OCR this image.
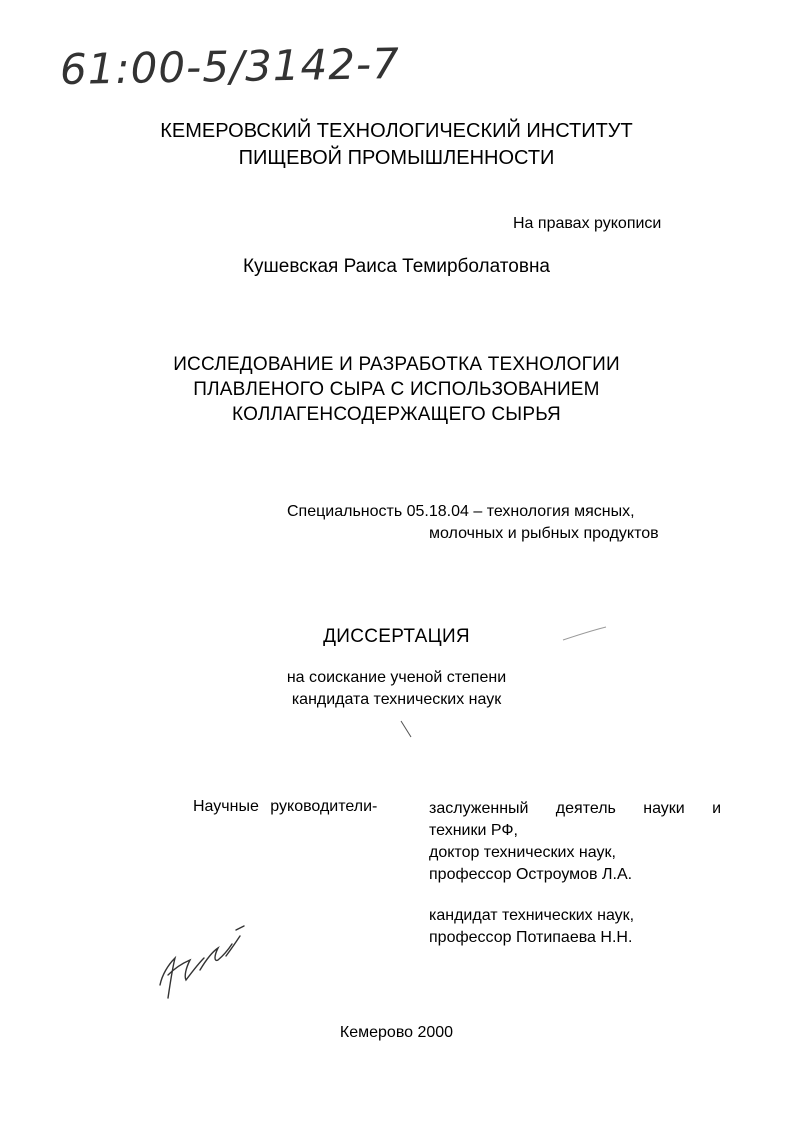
61:00-5/3142-7
КЕМЕРОВСКИЙ ТЕХНОЛОГИЧЕСКИЙ ИНСТИТУТ
ПИЩЕВОЙ ПРОМЫШЛЕННОСТИ
На правах рукописи
Кушевская Раиса Темирболатовна
ИССЛЕДОВАНИЕ И РАЗРАБОТКА ТЕХНОЛОГИИ
ПЛАВЛЕНОГО СЫРА С ИСПОЛЬЗОВАНИЕМ
КОЛЛАГЕНСОДЕРЖАЩЕГО СЫРЬЯ
Специальность 05.18.04 – технология мясных,
молочных и рыбных продуктов
ДИССЕРТАЦИЯ
на соискание ученой степени
кандидата технических наук
Научные руководители-	заслуженный деятель науки и
техники РФ,
доктор технических наук,
профессор Остроумов Л.А.
кандидат технических наук,
профессор Потипаева Н.Н.
Кемерово 2000
